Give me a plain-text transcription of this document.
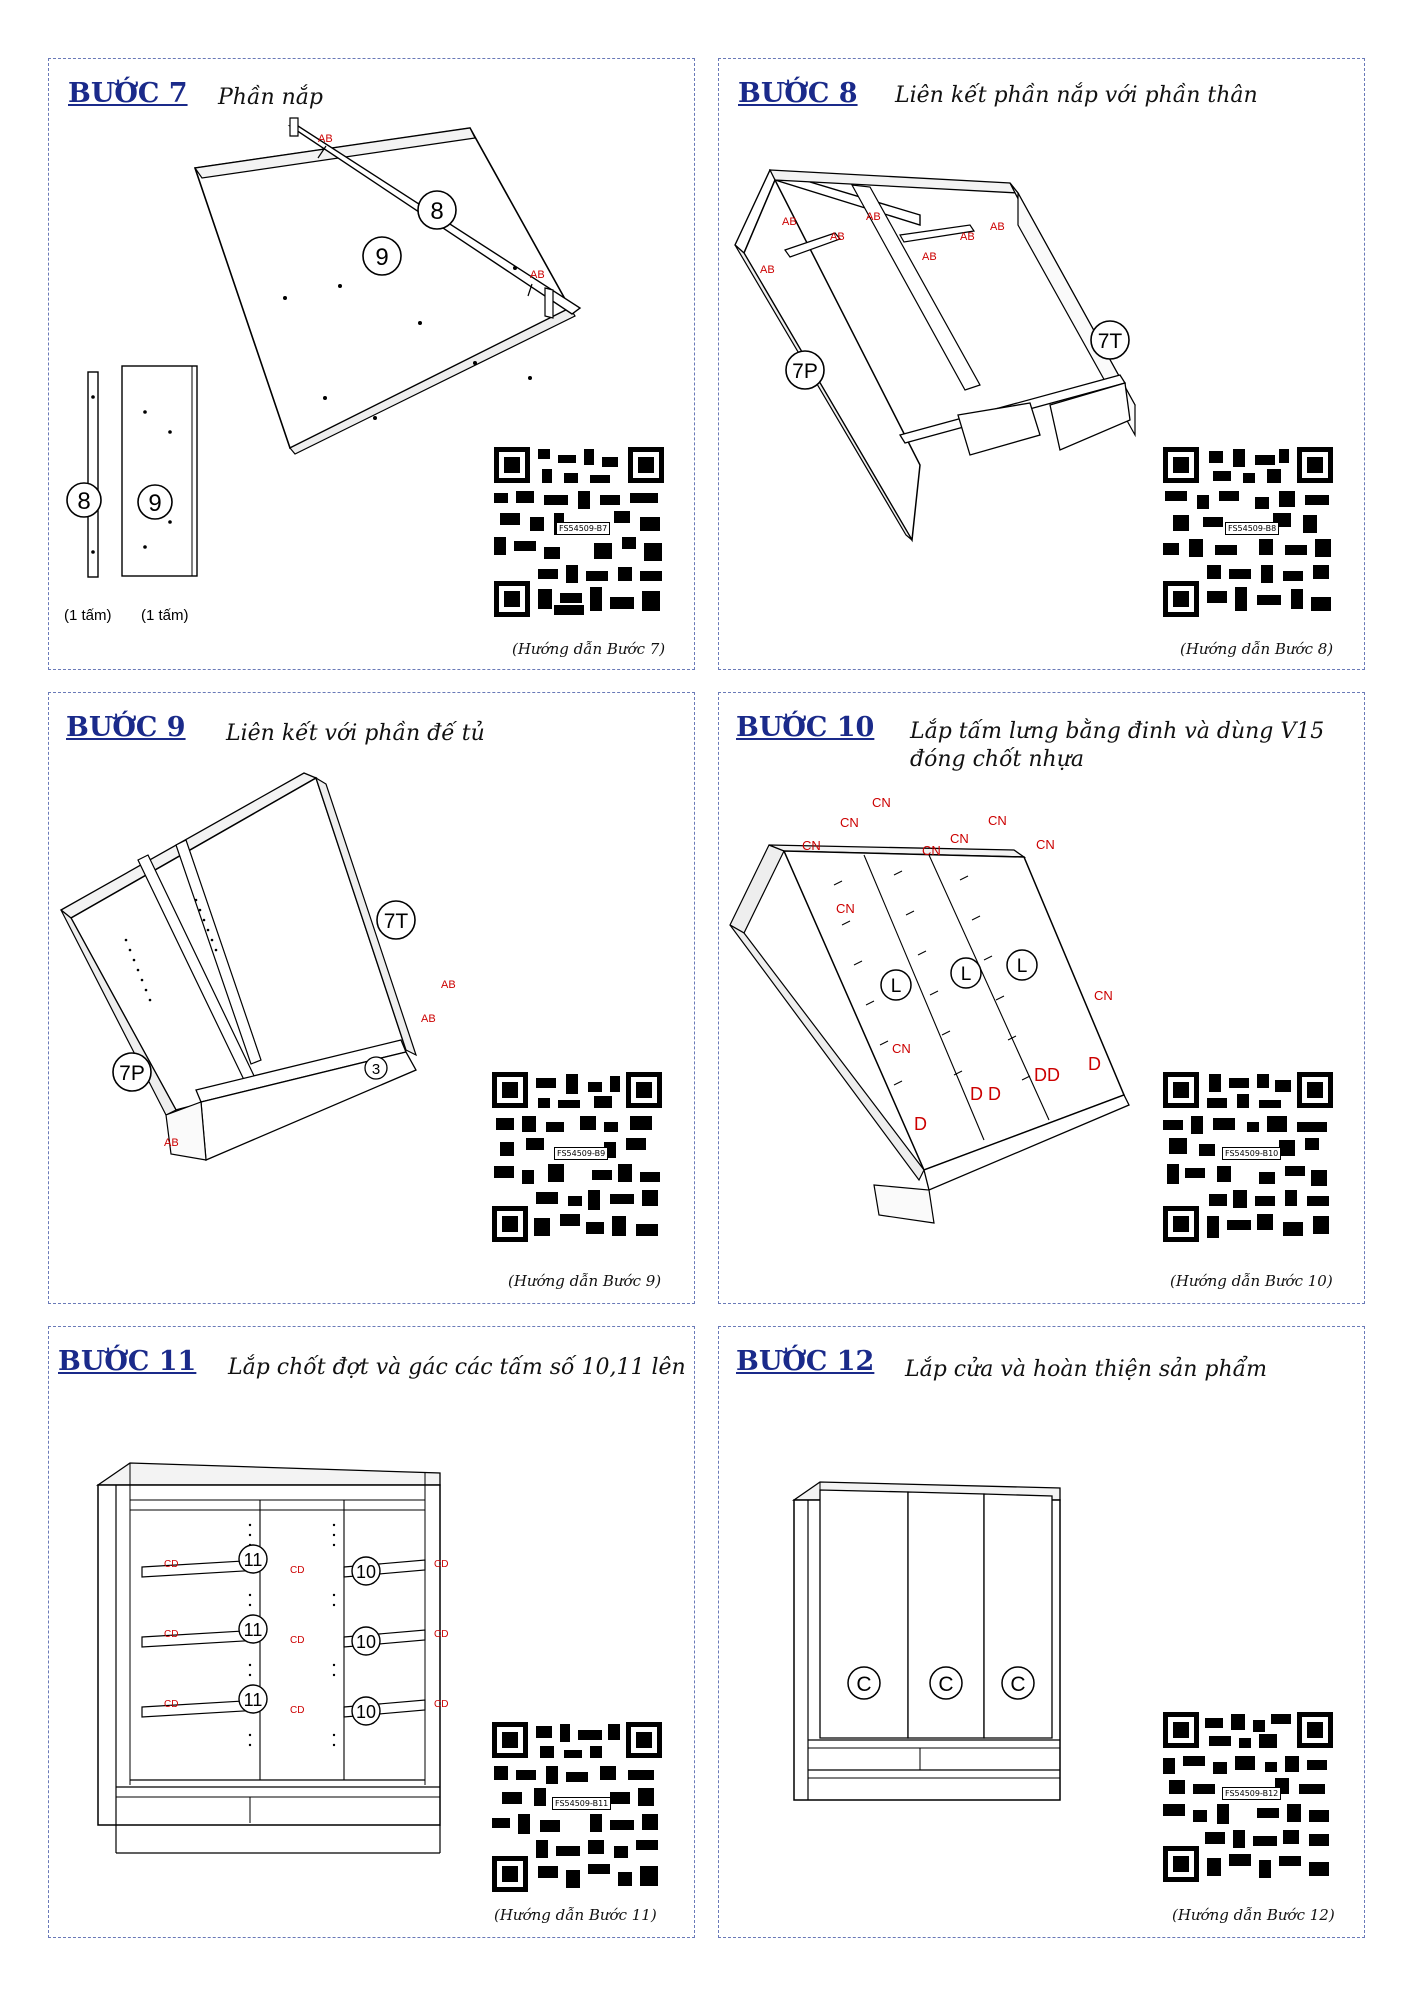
BƯỚC 7 Phần nắp
8
9
AB
AB
8 9
(1 tấm) (1 tấm)
FS54509-B7
(Hướng dẫn Bước 7)
BƯỚC 8 Liên kết phần nắp với phần thân
7P
7T
AB
AB
AB
AB
AB
AB
AB
FS54509-B8
(Hướng dẫn Bước 8)
BƯỚC 9 Liên kết với phần đế tủ
7P
7T
3
AB
AB
AB
FS54509-B9
(Hướng dẫn Bước 9)
BƯỚC 10 Lắp tấm lưng bằng đinh và dùng V15
đóng chốt nhựa
L
L L
CN
CN
CN
CN
CN
CN
CN
CN
CN
CN
D
D D
DD
D
FS54509-B10
(Hướng dẫn Bước 10)
BƯỚC 11 Lắp chốt đợt và gác các tấm số 10,11 lên
11
11
11
10
10
10
CD
CD
CD
CD
CD
CD
CD
CD
CD
FS54509-B11
(Hướng dẫn Bước 11)
BƯỚC 12 Lắp cửa và hoàn thiện sản phẩm
C	C	C
FS54509-B12
(Hướng dẫn Bước 12)
